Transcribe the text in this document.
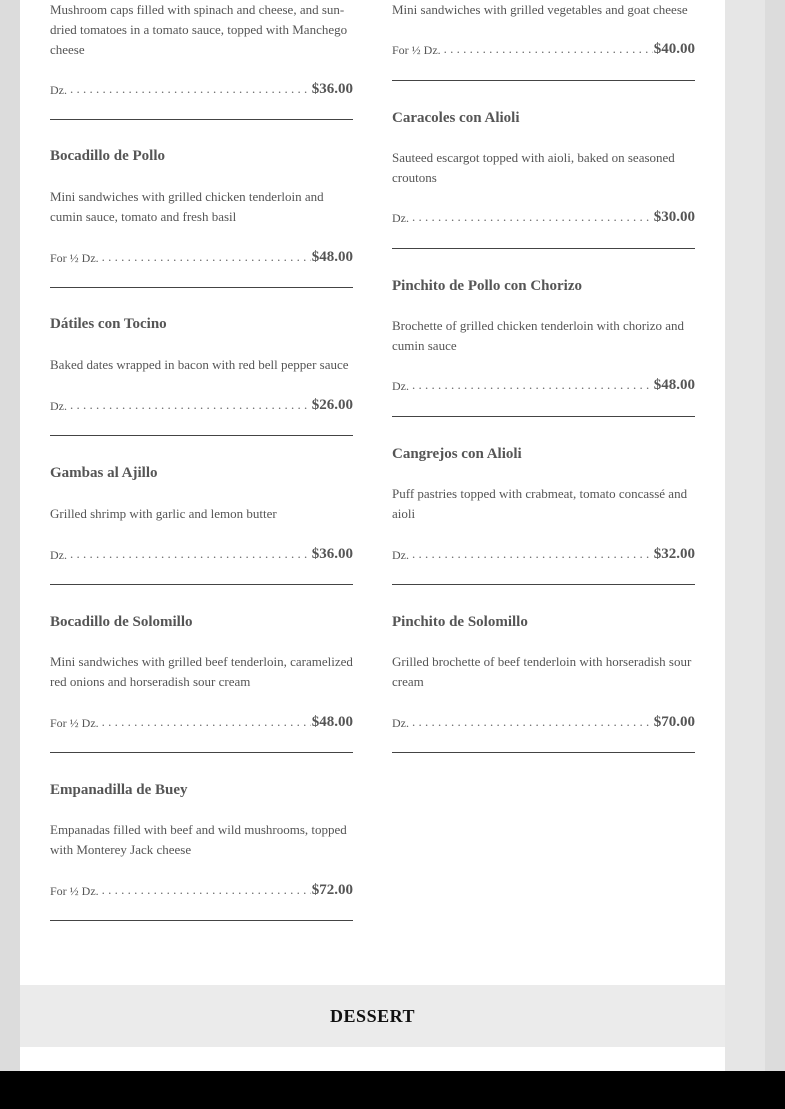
Mushroom caps filled with spinach and cheese, and sun-dried tomatoes in a tomato sauce, topped with Manchego cheese

Dz. . . .	$36.00
Bocadillo de Pollo

Mini sandwiches with grilled chicken tenderloin and cumin sauce, tomato and fresh basil

For ½ Dz. . . .	$48.00
Dátiles con Tocino

Baked dates wrapped in bacon with red bell pepper sauce

Dz. . . .	$26.00
Gambas al Ajillo

Grilled shrimp with garlic and lemon butter

Dz. . . .	$36.00
Bocadillo de Solomillo

Mini sandwiches with grilled beef tenderloin, caramelized red onions and horseradish sour cream

For ½ Dz. . . .	$48.00
Empanadilla de Buey

Empanadas filled with beef and wild mushrooms, topped with Monterey Jack cheese

For ½ Dz. . . .	$72.00

Mini sandwiches with grilled vegetables and goat cheese

For ½ Dz. . . .	$40.00
Caracoles con Alioli

Sauteed escargot topped with aioli, baked on seasoned croutons

Dz. . . .	$30.00
Pinchito de Pollo con Chorizo

Brochette of grilled chicken tenderloin with chorizo and cumin sauce

Dz. . . .	$48.00
Cangrejos con Alioli

Puff pastries topped with crabmeat, tomato concassé and aioli

Dz. . . .	$32.00
Pinchito de Solomillo

Grilled brochette of beef tenderloin with horseradish sour cream

Dz. . . .	$70.00
DESSERT
